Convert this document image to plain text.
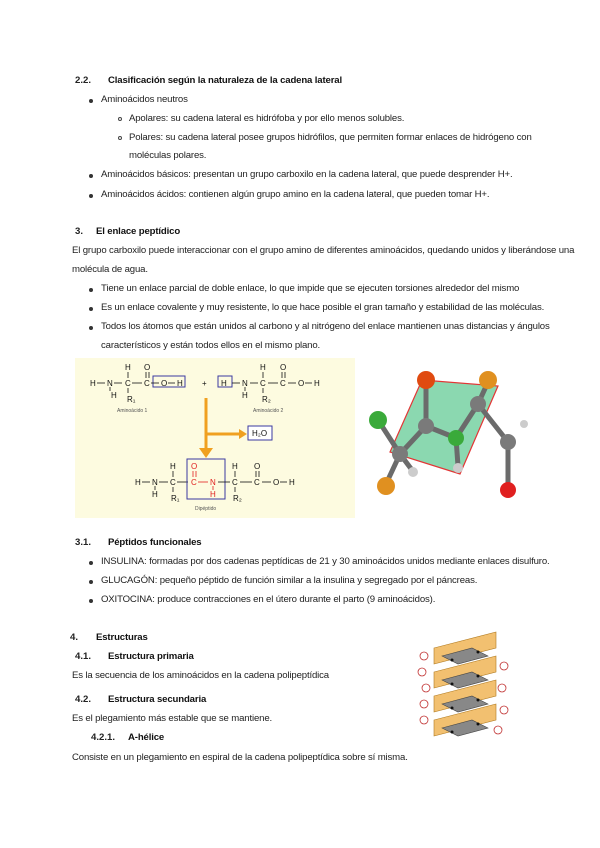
2.2. Clasificación según la naturaleza de la cadena lateral
Aminoácidos neutros
Apolares: su cadena lateral es hidrófoba y por ello menos solubles.
Polares: su cadena lateral posee grupos hidrófilos, que permiten formar enlaces de hidrógeno con
moléculas polares.
Aminoácidos básicos: presentan un grupo carboxilo en la cadena lateral, que puede desprender H+.
Aminoácidos ácidos: contienen algún grupo amino en la cadena lateral, que pueden tomar H+.
3. El enlace peptídico
El grupo carboxilo puede interaccionar con el grupo amino de diferentes aminoácidos, quedando unidos y liberándose una
molécula de agua.
Tiene un enlace parcial de doble enlace, lo que impide que se ejecuten torsiones alrededor del mismo
Es un enlace covalente y muy resistente, lo que hace posible el gran tamaño y estabilidad de las moléculas.
Todos los átomos que están unidos al carbono y al nitrógeno del enlace mantienen unas distancias y ángulos
característicos y están todos ellos en el mismo plano.
H N
H
C
H
R₁
C
O
O H + H N
H
C
H
R₂
C
O
O H
Aminoácido 1	Aminoácido 2
H₂O
H N
H
C
H
R₁
C
O
N
H
C
H
R₂
C
O
O H
Dipéptido
3.1. Péptidos funcionales
INSULINA: formadas por dos cadenas peptídicas de 21 y 30 aminoácidos unidos mediante enlaces disulfuro.
GLUCAGÓN: pequeño péptido de función similar a la insulina y segregado por el páncreas.
OXITOCINA: produce contracciones en el útero durante el parto (9 aminoácidos).
4. Estructuras
4.1. Estructura primaria
Es la secuencia de los aminoácidos en la cadena polipeptídica
4.2. Estructura secundaria
Es el plegamiento más estable que se mantiene.
4.2.1. A-hélice
Consiste en un plegamiento en espiral de la cadena polipeptídica sobre sí misma.
